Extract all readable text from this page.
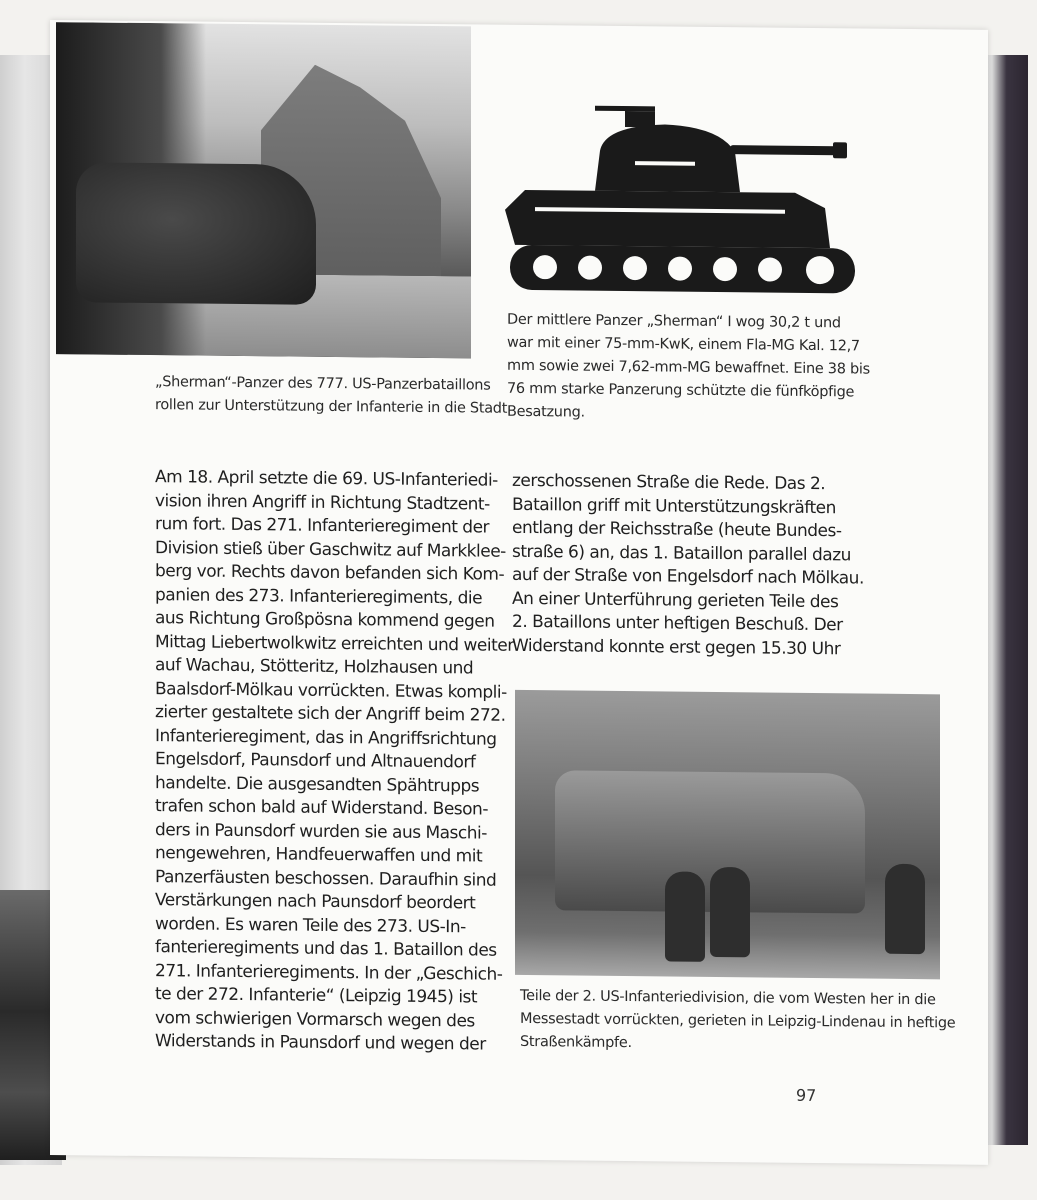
„Sherman“-Panzer des 777. US-Panzerbataillons
rollen zur Unterstützung der Infanterie in die Stadt
Der mittlere Panzer „Sherman“ I wog 30,2 t und
war mit einer 75-mm-KwK, einem Fla-MG Kal. 12,7
mm sowie zwei 7,62-mm-MG bewaffnet. Eine 38 bis
76 mm starke Panzerung schützte die fünfköpfige
Besatzung.
Am 18. April setzte die 69. US-Infanteriedi-
vision ihren Angriff in Richtung Stadtzent-
rum fort. Das 271. Infanterieregiment der
Division stieß über Gaschwitz auf Markklee-
berg vor. Rechts davon befanden sich Kom-
panien des 273. Infanterieregiments, die
aus Richtung Großpösna kommend gegen
Mittag Liebertwolkwitz erreichten und weiter
auf Wachau, Stötteritz, Holzhausen und
Baalsdorf-Mölkau vorrückten. Etwas kompli-
zierter gestaltete sich der Angriff beim 272.
Infanterieregiment, das in Angriffsrichtung
Engelsdorf, Paunsdorf und Altnauendorf
handelte. Die ausgesandten Spähtrupps
trafen schon bald auf Widerstand. Beson-
ders in Paunsdorf wurden sie aus Maschi-
nengewehren, Handfeuerwaffen und mit
Panzerfäusten beschossen. Daraufhin sind
Verstärkungen nach Paunsdorf beordert
worden. Es waren Teile des 273. US-In-
fanterieregiments und das 1. Bataillon des
271. Infanterieregiments. In der „Geschich-
te der 272. Infanterie“ (Leipzig 1945) ist
vom schwierigen Vormarsch wegen des
Widerstands in Paunsdorf und wegen der
zerschossenen Straße die Rede. Das 2.
Bataillon griff mit Unterstützungskräften
entlang der Reichsstraße (heute Bundes-
straße 6) an, das 1. Bataillon parallel dazu
auf der Straße von Engelsdorf nach Mölkau.
An einer Unterführung gerieten Teile des
2. Bataillons unter heftigen Beschuß. Der
Widerstand konnte erst gegen 15.30 Uhr
Teile der 2. US-Infanteriedivision, die vom Westen her in die
Messestadt vorrückten, gerieten in Leipzig-Lindenau in heftige
Straßenkämpfe.
97
